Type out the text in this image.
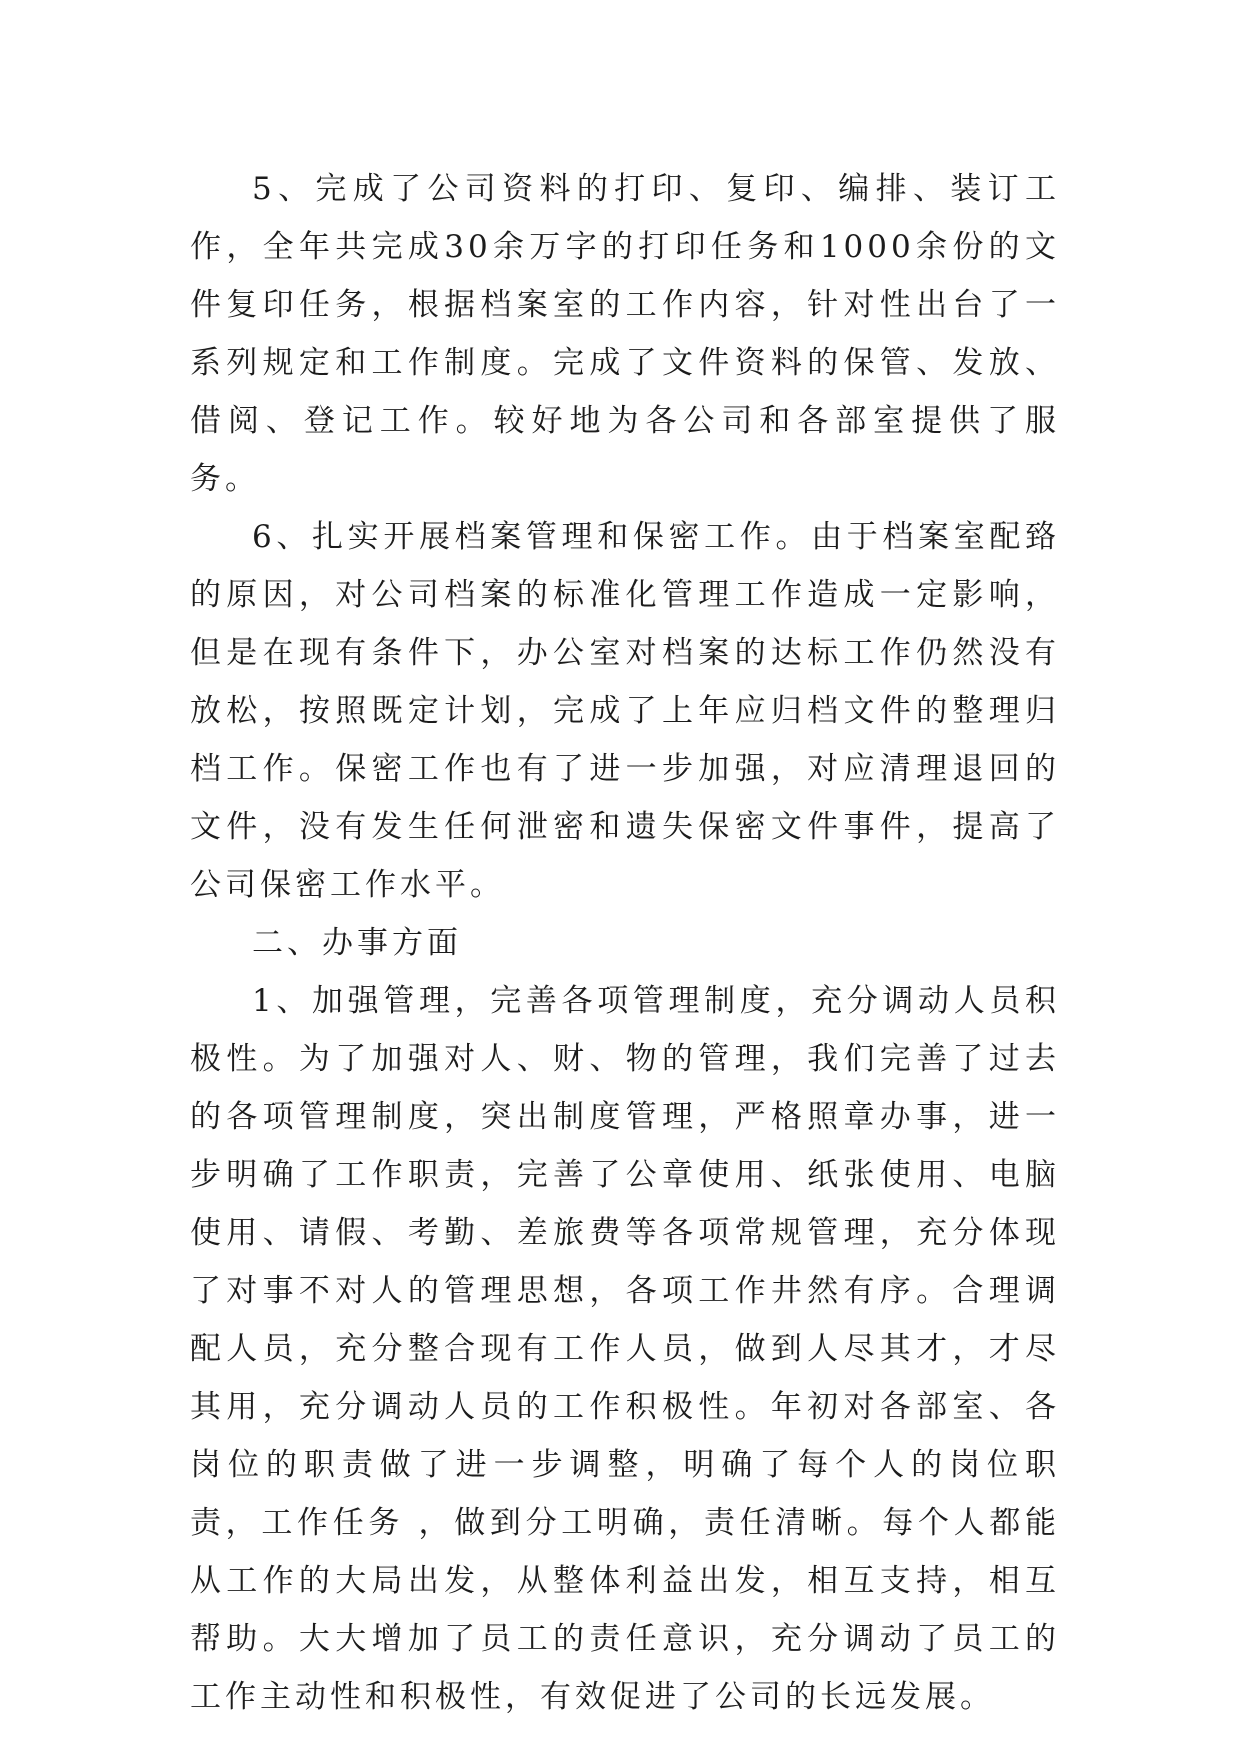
5、完成了公司资料的打印、复印、编排、装订工作，全年共完成30余万字的打印任务和1000余份的文件复印任务，根据档案室的工作内容，针对性出台了一系列规定和工作制度。完成了文件资料的保管、发放、借阅、登记工作。较好地为各公司和各部室提供了服务。

6、扎实开展档案管理和保密工作。由于档案室配臵的原因，对公司档案的标准化管理工作造成一定影响，但是在现有条件下，办公室对档案的达标工作仍然没有放松，按照既定计划，完成了上年应归档文件的整理归档工作。保密工作也有了进一步加强，对应清理退回的文件，没有发生任何泄密和遗失保密文件事件，提高了公司保密工作水平。

二、办事方面

1、加强管理，完善各项管理制度，充分调动人员积极性。为了加强对人、财、物的管理，我们完善了过去的各项管理制度，突出制度管理，严格照章办事，进一步明确了工作职责，完善了公章使用、纸张使用、电脑使用、请假、考勤、差旅费等各项常规管理，充分体现了对事不对人的管理思想，各项工作井然有序。合理调配人员，充分整合现有工作人员，做到人尽其才，才尽其用，充分调动人员的工作积极性。年初对各部室、各岗位的职责做了进一步调整，明确了每个人的岗位职责，工作任务 ，做到分工明确，责任清晰。每个人都能从工作的大局出发，从整体利益出发，相互支持，相互帮助。大大增加了员工的责任意识，充分调动了员工的工作主动性和积极性，有效促进了公司的长远发展。
